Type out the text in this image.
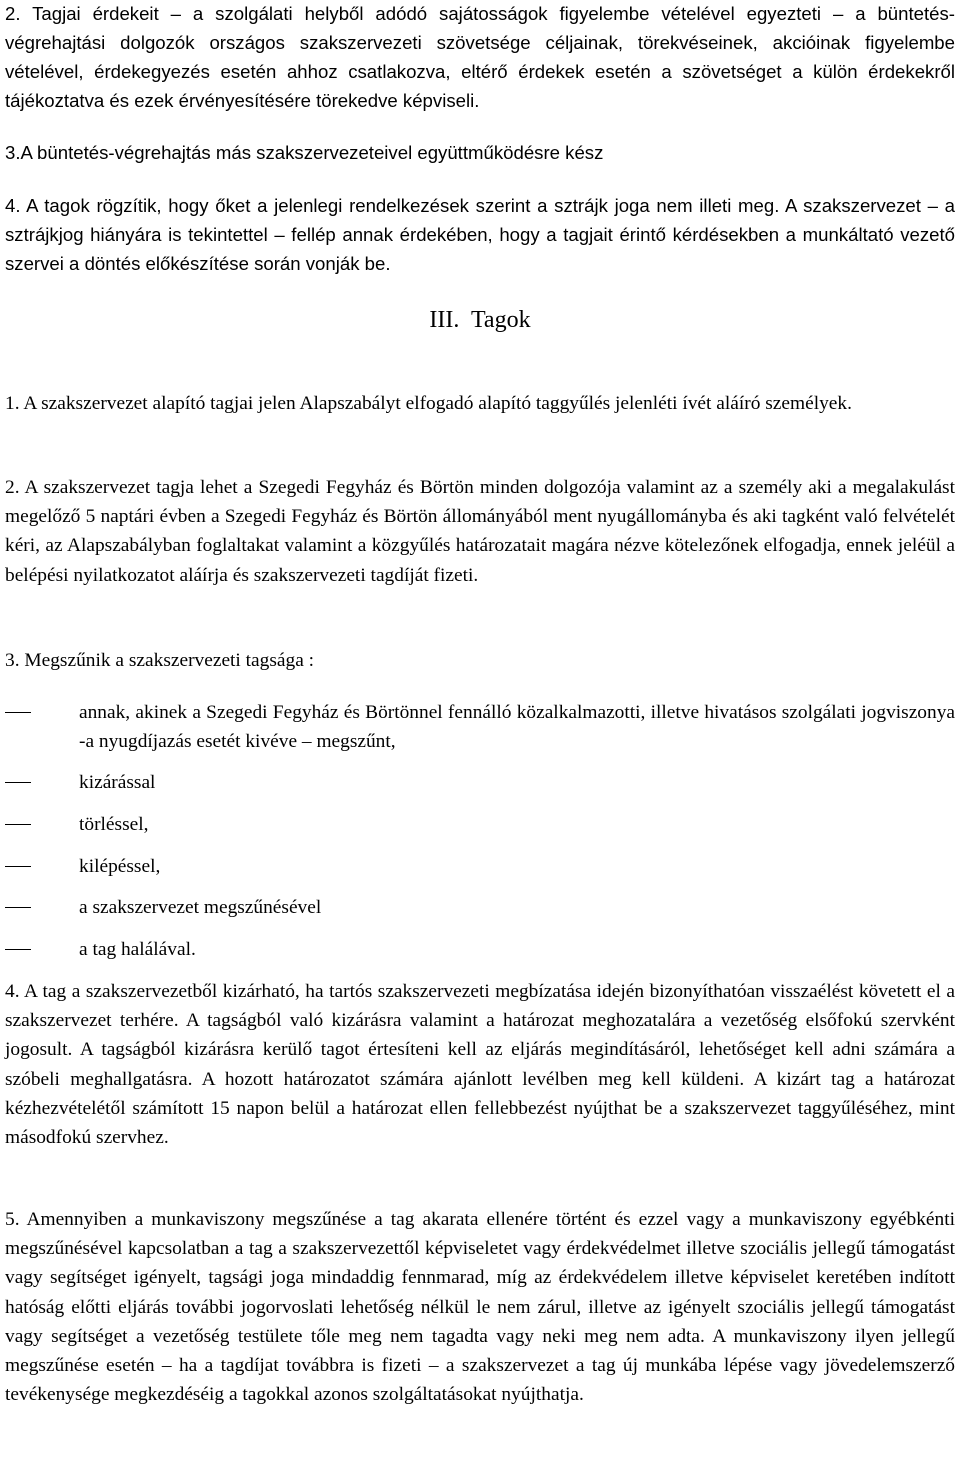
2. Tagjai érdekeit – a szolgálati helyből adódó sajátosságok figyelembe vételével egyezteti – a büntetés-végrehajtási dolgozók országos szakszervezeti szövetsége céljainak, törekvéseinek, akcióinak figyelembe vételével, érdekegyezés esetén ahhoz csatlakozva, eltérő érdekek esetén a szövetséget a külön érdekekről tájékoztatva és ezek érvényesítésére törekedve képviseli.

3.A büntetés-végrehajtás más szakszervezeteivel együttműködésre kész

4. A tagok rögzítik, hogy őket a jelenlegi rendelkezések szerint a sztrájk joga nem illeti meg. A szakszervezet – a sztrájkjog hiányára is tekintettel – fellép annak érdekében, hogy a tagjait érintő kérdésekben a munkáltató vezető szervei a döntés előkészítése során vonják be.

III.  Tagok

1. A szakszervezet alapító tagjai jelen Alapszabályt elfogadó alapító taggyűlés jelenléti ívét aláíró személyek.

2. A szakszervezet tagja lehet a Szegedi Fegyház és Börtön minden dolgozója valamint az a személy aki a megalakulást megelőző 5 naptári évben a Szegedi Fegyház és Börtön állományából ment nyugállományba és aki tagként való felvételét kéri, az Alapszabályban foglaltakat valamint a közgyűlés határozatait magára nézve kötelezőnek elfogadja, ennek jeléül a belépési nyilatkozatot aláírja és szakszervezeti tagdíját fizeti.

3. Megszűnik a szakszervezeti tagsága :

annak, akinek a Szegedi Fegyház és Börtönnel fennálló közalkalmazotti, illetve hivatásos szolgálati jogviszonya -a nyugdíjazás esetét kivéve – megszűnt,
kizárással
törléssel,
kilépéssel,
a szakszervezet megszűnésével
a tag halálával.

4. A tag a szakszervezetből kizárható, ha tartós szakszervezeti megbízatása idején bizonyíthatóan visszaélést követett el a szakszervezet terhére. A tagságból való kizárásra valamint a határozat meghozatalára a vezetőség elsőfokú szervként jogosult. A tagságból kizárásra kerülő tagot értesíteni kell az eljárás megindításáról, lehetőséget kell adni számára a szóbeli meghallgatásra. A hozott határozatot számára ajánlott levélben meg kell küldeni. A kizárt tag a határozat kézhezvételétől számított 15 napon belül a határozat ellen fellebbezést nyújthat be a szakszervezet taggyűléséhez, mint másodfokú szervhez.

5. Amennyiben a munkaviszony megszűnése a tag akarata ellenére történt és ezzel vagy a munkaviszony egyébkénti megszűnésével kapcsolatban a tag a szakszervezettől képviseletet vagy érdekvédelmet illetve szociális jellegű támogatást vagy segítséget igényelt, tagsági joga mindaddig fennmarad, míg az érdekvédelem illetve képviselet keretében indított hatóság előtti eljárás további jogorvoslati lehetőség nélkül le nem zárul, illetve az igényelt szociális jellegű támogatást vagy segítséget a vezetőség testülete tőle meg nem tagadta vagy neki meg nem adta. A munkaviszony ilyen jellegű megszűnése esetén – ha a tagdíjat továbbra is fizeti – a szakszervezet a tag új munkába lépése vagy jövedelemszerző tevékenysége megkezdéséig a tagokkal azonos szolgáltatásokat nyújthatja.
